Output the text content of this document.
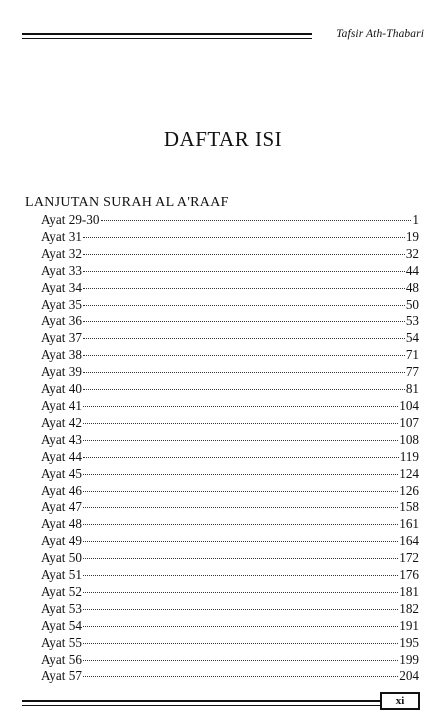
Tafsir Ath-Thabari
DAFTAR ISI
LANJUTAN SURAH AL A'RAAF
Ayat 29-30	1
Ayat 31	19
Ayat 32	32
Ayat 33	44
Ayat 34	48
Ayat 35	50
Ayat 36	53
Ayat 37	54
Ayat 38	71
Ayat 39	77
Ayat 40	81
Ayat 41	104
Ayat 42	107
Ayat 43	108
Ayat 44	119
Ayat 45	124
Ayat 46	126
Ayat 47	158
Ayat 48	161
Ayat 49	164
Ayat 50	172
Ayat 51	176
Ayat 52	181
Ayat 53	182
Ayat 54	191
Ayat 55	195
Ayat 56	199
Ayat 57	204
xi
